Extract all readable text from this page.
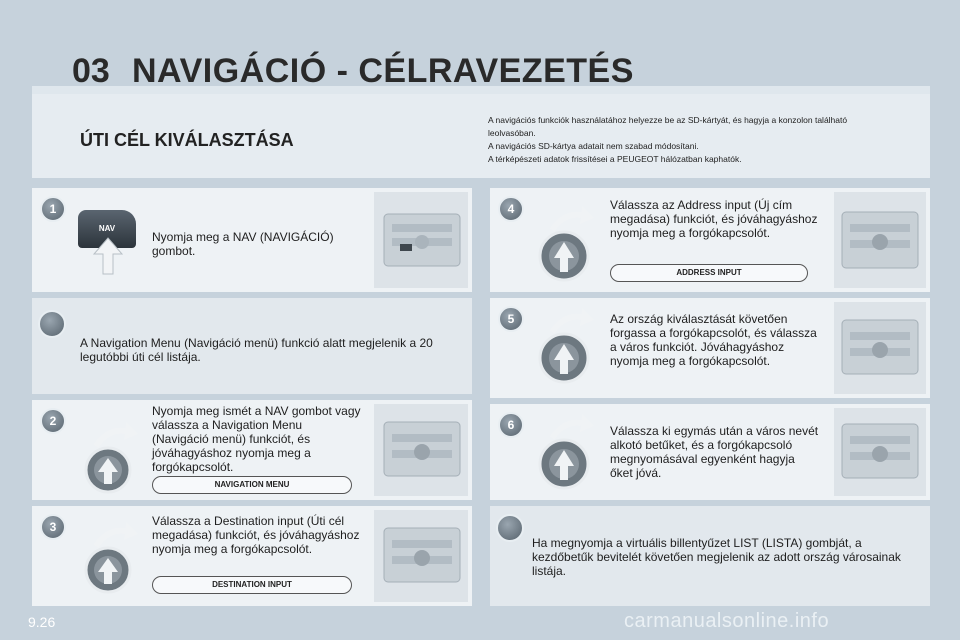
03 NAVIGÁCIÓ - CÉLRAVEZETÉS
ÚTI CÉL KIVÁLASZTÁSA
A navigációs funkciók használatához helyezze be az SD-kártyát, és hagyja a konzolon található
leolvasóban.
A navigációs SD-kártya adatait nem szabad módosítani.
A térképészeti adatok frissítései a PEUGEOT hálózatban kaphatók.
1
NAV
Nyomja meg a NAV (NAVIGÁCIÓ) gombot.
A Navigation Menu (Navigáció menü) funkció alatt megjelenik a 20 legutóbbi úti cél listája.
2
Nyomja meg ismét a NAV gombot vagy válassza a Navigation Menu (Navigáció menü) funkciót, és jóváhagyáshoz nyomja meg a forgókapcsolót.
NAVIGATION MENU
3	Válassza a Destination input (Úti cél megadása) funkciót, és jóváhagyáshoz nyomja meg a forgókapcsolót.
DESTINATION INPUT
4	Válassza az Address input (Új cím megadása) funkciót, és jóváhagyáshoz nyomja meg a forgókapcsolót.
ADDRESS INPUT
5	Az ország kiválasztását követően forgassa a forgókapcsolót, és válassza a város funkciót. Jóváhagyáshoz nyomja meg a forgókapcsolót.
6	Válassza ki egymás után a város nevét alkotó betűket, és a forgókapcsoló megnyomásával egyenként hagyja őket jóvá.
Ha megnyomja a virtuális billentyűzet LIST (LISTA) gombját, a kezdőbetűk bevitelét követően megjelenik az adott ország városainak listája.
9.26	carmanualsonline.info
